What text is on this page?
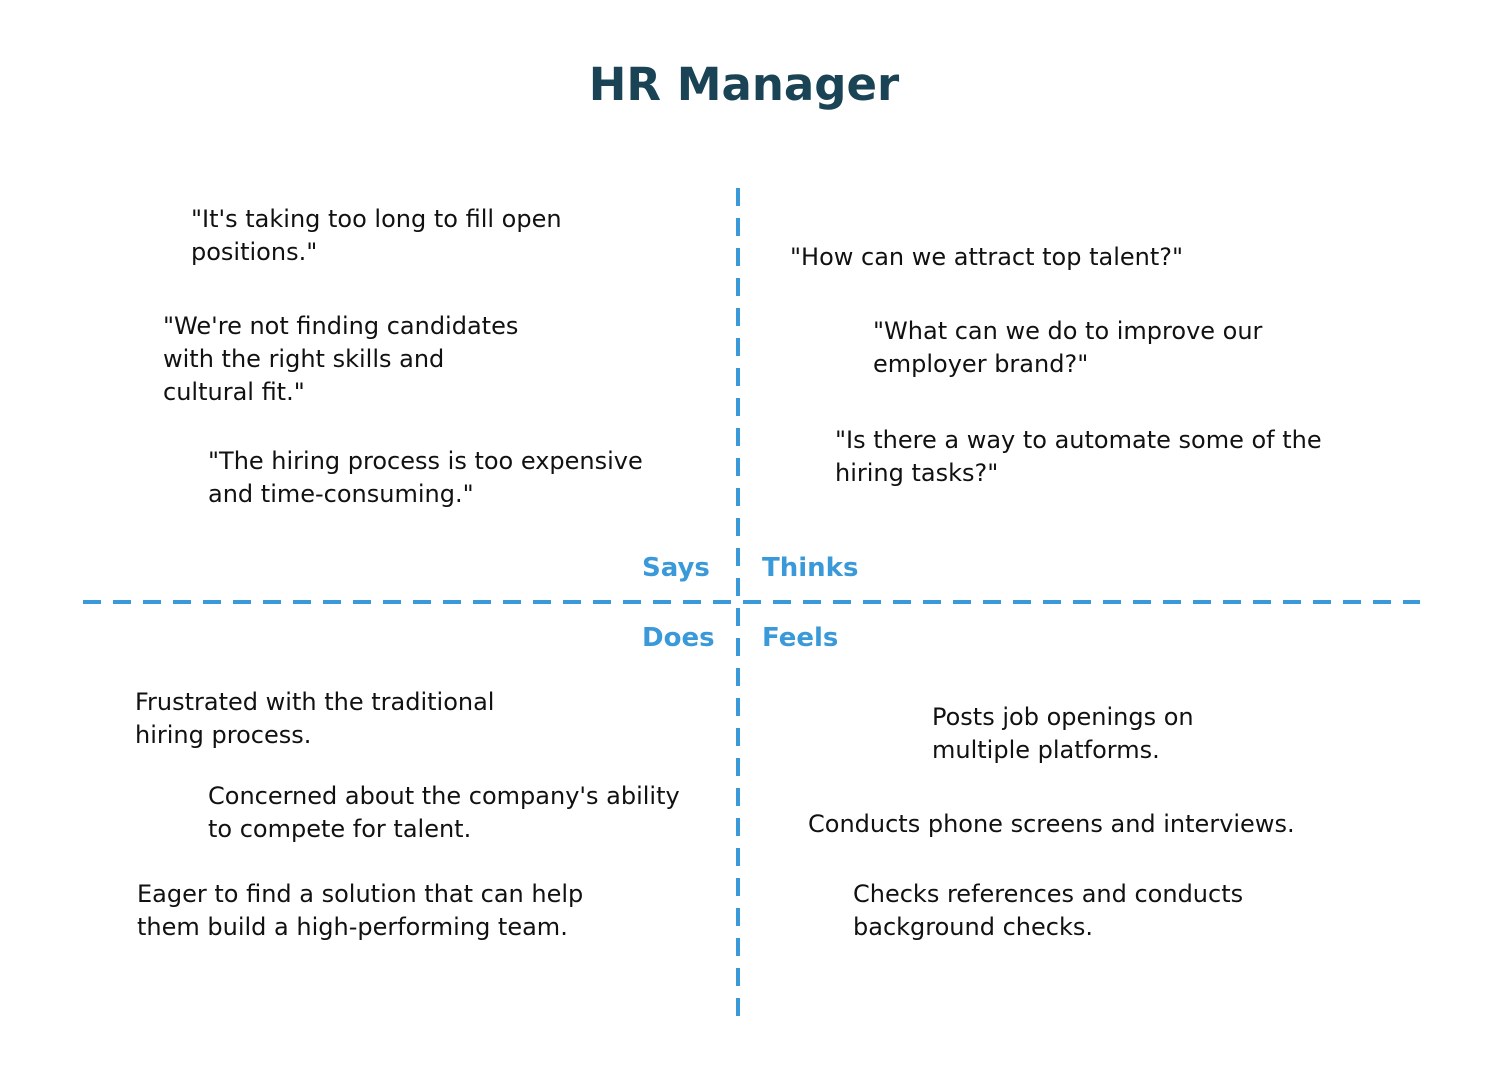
HR Manager
Says Thinks
Does Feels
"It's taking too long to fill open positions."
"We're not finding candidates with the right skills and cultural fit."
"The hiring process is too expensive and time-consuming."
"How can we attract top talent?"
"What can we do to improve our employer brand?"
"Is there a way to automate some of the hiring tasks?"
Frustrated with the traditional hiring process.
Concerned about the company's ability to compete for talent.
Eager to find a solution that can help them build a high-performing team.
Posts job openings on multiple platforms.
Conducts phone screens and interviews.
Checks references and conducts background checks.
